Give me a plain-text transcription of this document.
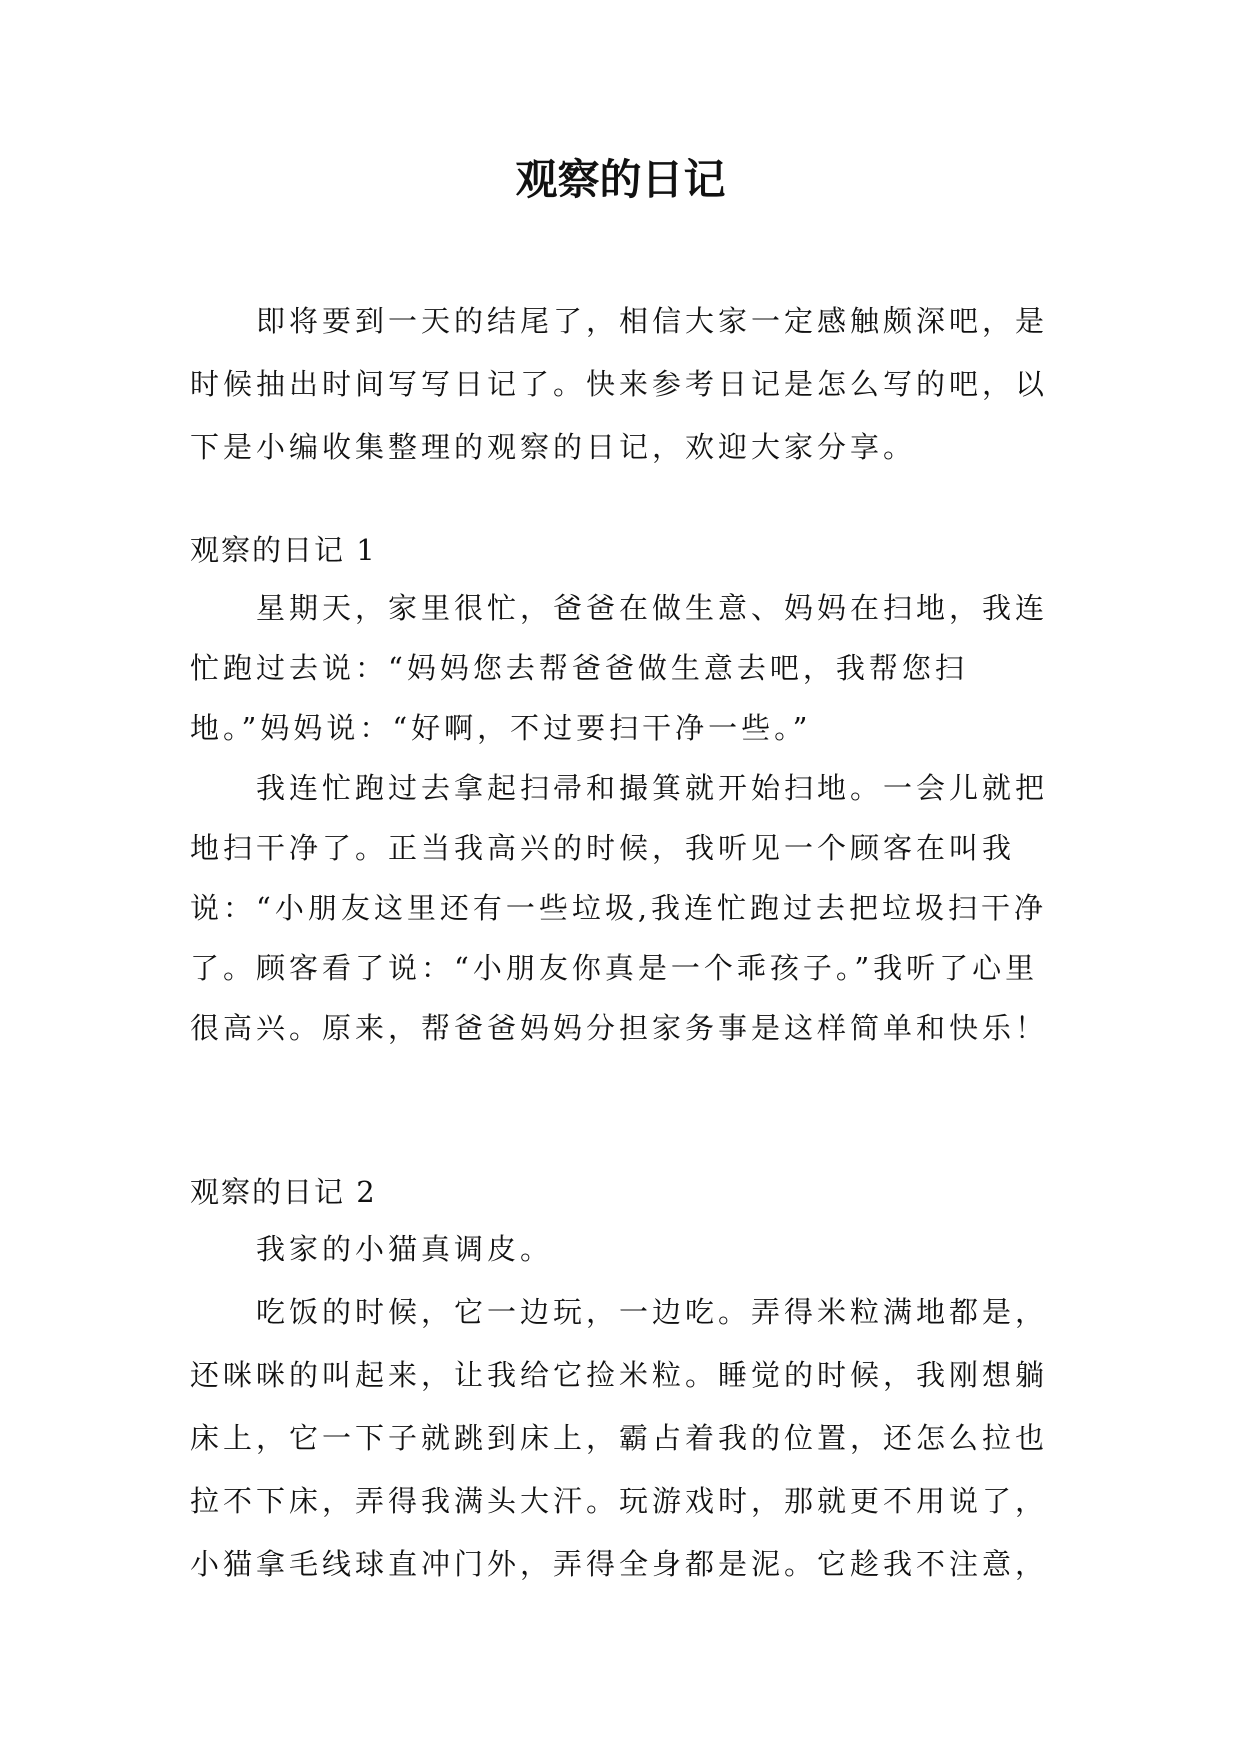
观察的日记

即将要到一天的结尾了，相信大家一定感触颇深吧，是时候抽出时间写写日记了。快来参考日记是怎么写的吧，以下是小编收集整理的观察的日记，欢迎大家分享。

观察的日记 1

星期天，家里很忙，爸爸在做生意、妈妈在扫地，我连忙跑过去说：“妈妈您去帮爸爸做生意去吧，我帮您扫地。”妈妈说：“好啊，不过要扫干净一些。”

我连忙跑过去拿起扫帚和撮箕就开始扫地。一会儿就把地扫干净了。正当我高兴的时候，我听见一个顾客在叫我说：“小朋友这里还有一些垃圾,我连忙跑过去把垃圾扫干净了。顾客看了说：“小朋友你真是一个乖孩子。”我听了心里很高兴。原来，帮爸爸妈妈分担家务事是这样简单和快乐！

观察的日记 2

我家的小猫真调皮。

吃饭的时候，它一边玩，一边吃。弄得米粒满地都是，还咪咪的叫起来，让我给它捡米粒。睡觉的时候，我刚想躺床上，它一下子就跳到床上，霸占着我的位置，还怎么拉也拉不下床，弄得我满头大汗。玩游戏时，那就更不用说了，小猫拿毛线球直冲门外，弄得全身都是泥。它趁我不注意，
